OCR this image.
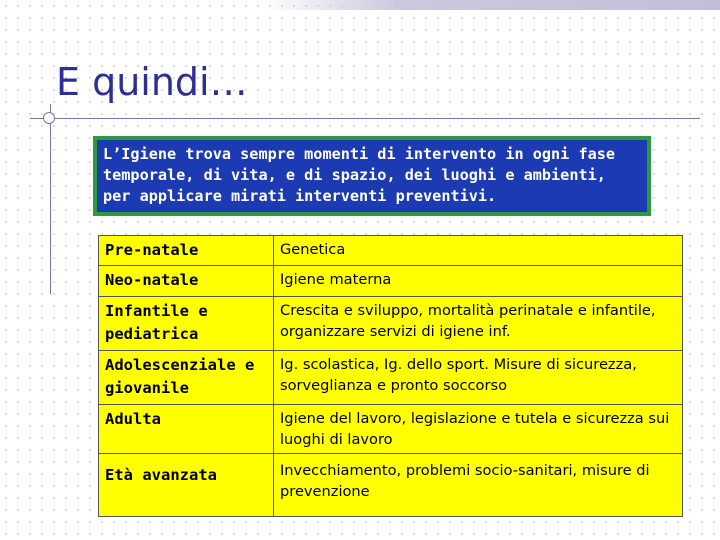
E quindi…
L’Igiene trova sempre momenti di intervento in ogni fase temporale, di vita, e di spazio, dei luoghi e ambienti, per applicare mirati interventi preventivi.
Pre-natale	Genetica
Neo-natale	Igiene materna
Infantile e pediatrica	Crescita e sviluppo, mortalità perinatale e infantile, organizzare servizi di igiene inf.
Adolescenziale e giovanile	Ig. scolastica, Ig. dello sport. Misure di sicurezza, sorveglianza e pronto soccorso
Adulta	Igiene del lavoro, legislazione e tutela e sicurezza sui luoghi di lavoro
Età avanzata	Invecchiamento, problemi socio-sanitari, misure di prevenzione
